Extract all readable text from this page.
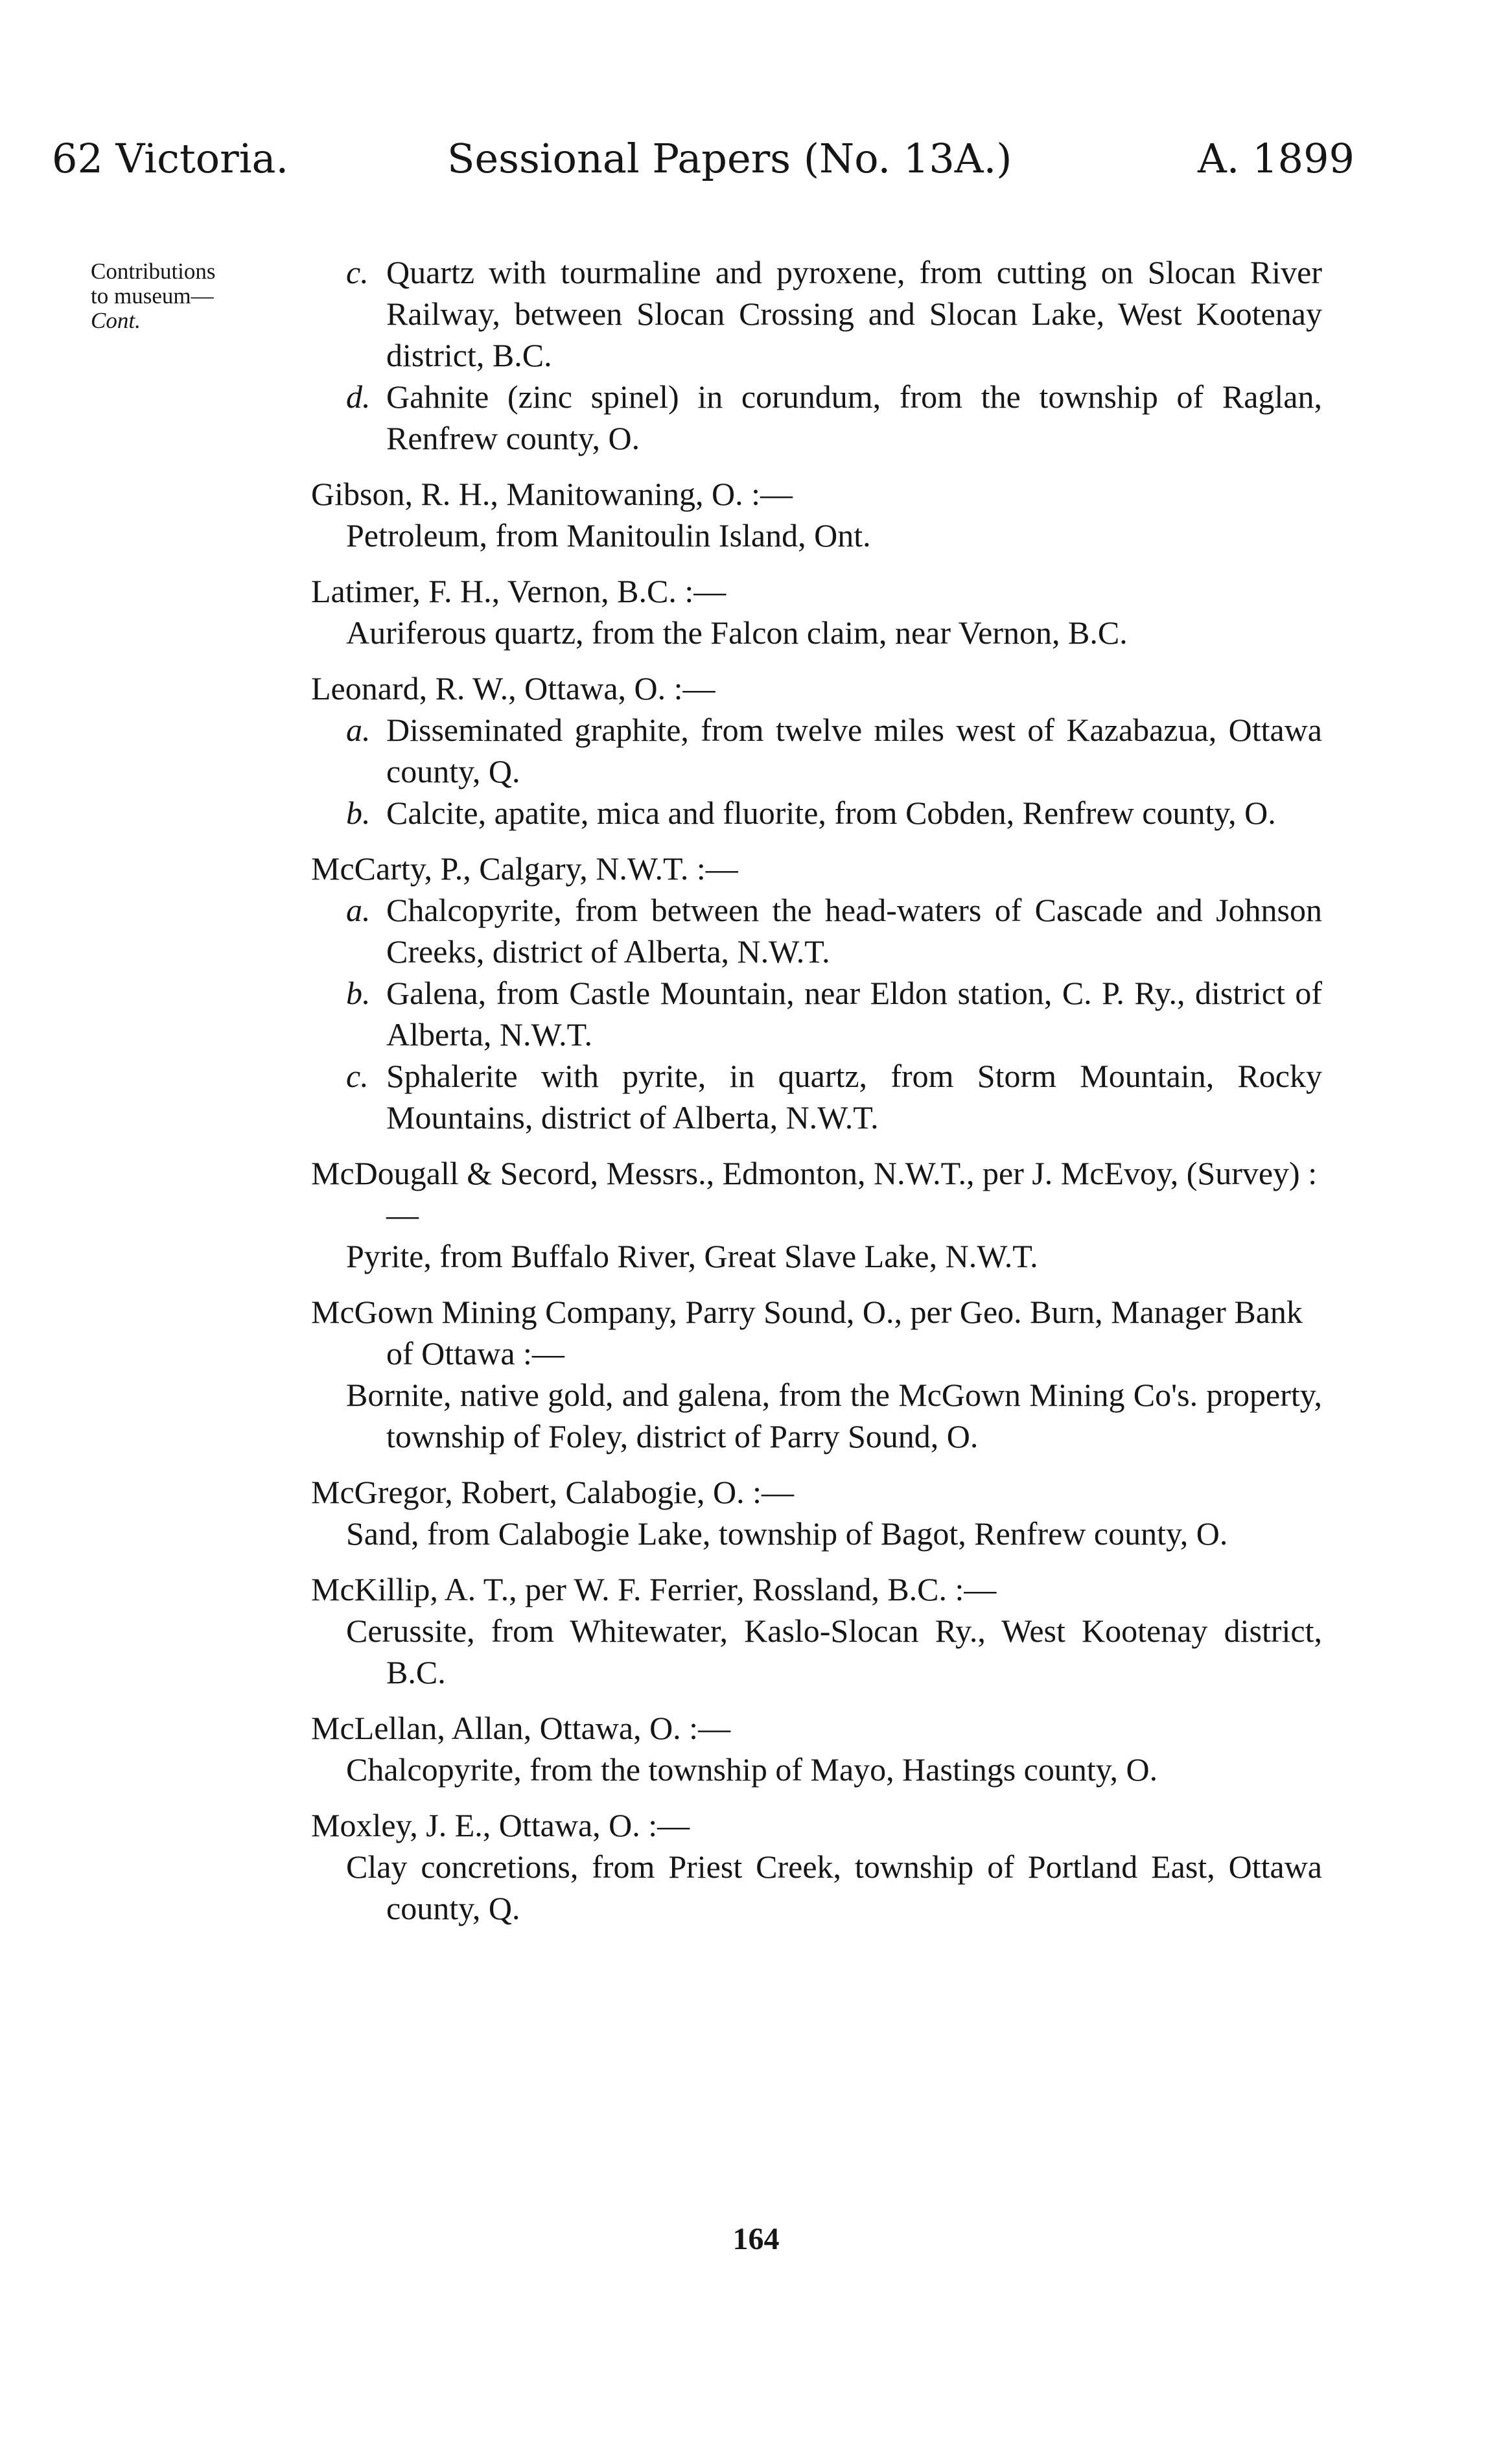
62 Victoria.	Sessional Papers (No. 13A.)	A. 1899
Contributions
to museum—

Cont.
c. Quartz with tourmaline and pyroxene, from cutting on Slocan River Railway, between Slocan Crossing and Slocan Lake, West Kootenay district, B.C.
d. Gahnite (zinc spinel) in corundum, from the township of Raglan, Renfrew county, O.
Gibson, R. H., Manitowaning, O. :—
Petroleum, from Manitoulin Island, Ont.
Latimer, F. H., Vernon, B.C. :—
Auriferous quartz, from the Falcon claim, near Vernon, B.C.
Leonard, R. W., Ottawa, O. :—
a. Disseminated graphite, from twelve miles west of Kazabazua, Ottawa county, Q.
b. Calcite, apatite, mica and fluorite, from Cobden, Renfrew county, O.
McCarty, P., Calgary, N.W.T. :—
a. Chalcopyrite, from between the head-waters of Cascade and Johnson Creeks, district of Alberta, N.W.T.
b. Galena, from Castle Mountain, near Eldon station, C. P. Ry., district of Alberta, N.W.T.
c. Sphalerite with pyrite, in quartz, from Storm Mountain, Rocky Mountains, district of Alberta, N.W.T.
McDougall & Secord, Messrs., Edmonton, N.W.T., per J. McEvoy, (Survey) :—
Pyrite, from Buffalo River, Great Slave Lake, N.W.T.
McGown Mining Company, Parry Sound, O., per Geo. Burn, Manager Bank of Ottawa :—
Bornite, native gold, and galena, from the McGown Mining Co's. property, township of Foley, district of Parry Sound, O.
McGregor, Robert, Calabogie, O. :—
Sand, from Calabogie Lake, township of Bagot, Renfrew county, O.
McKillip, A. T., per W. F. Ferrier, Rossland, B.C. :—
Cerussite, from Whitewater, Kaslo-Slocan Ry., West Kootenay district, B.C.
McLellan, Allan, Ottawa, O. :—
Chalcopyrite, from the township of Mayo, Hastings county, O.
Moxley, J. E., Ottawa, O. :—
Clay concretions, from Priest Creek, township of Portland East, Ottawa county, Q.
164
